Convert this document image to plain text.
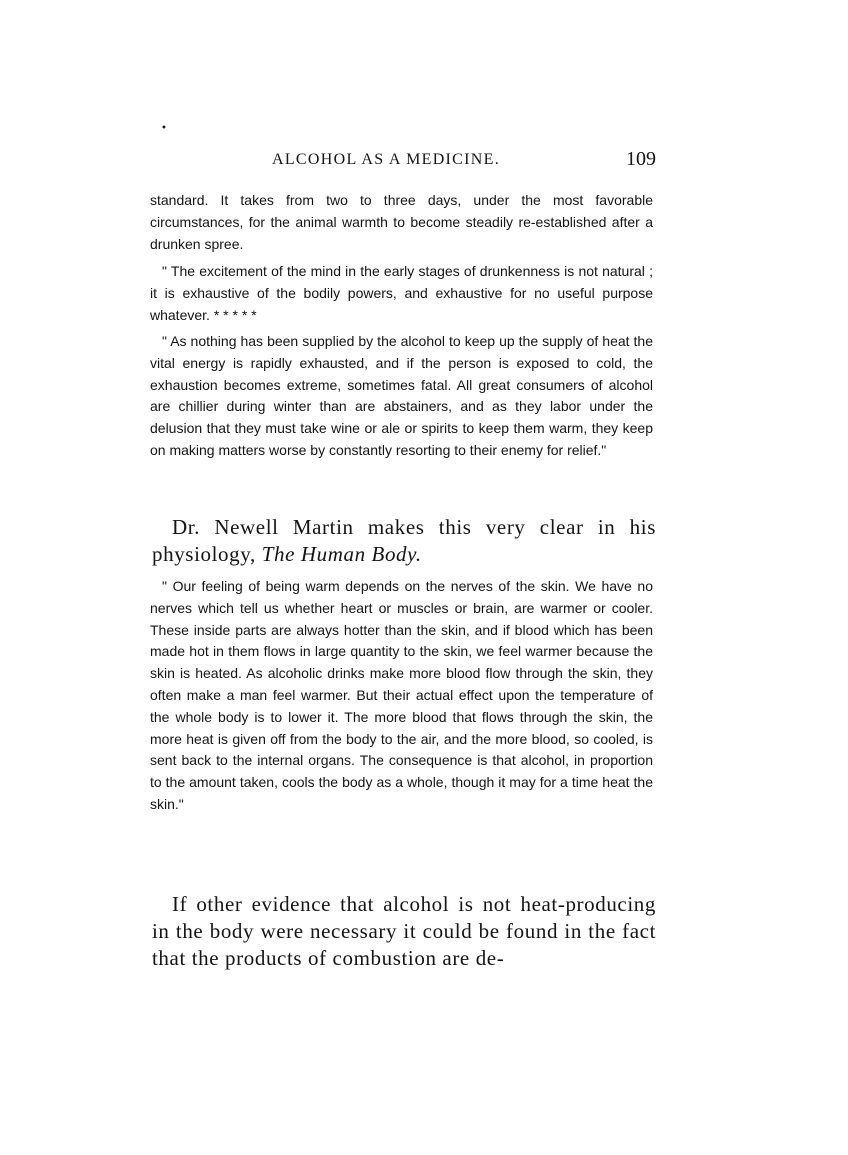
•
ALCOHOL AS A MEDICINE.	109

standard. It takes from two to three days, under the most favorable circumstances, for the animal warmth to become steadily re-established after a drunken spree.

" The excitement of the mind in the early stages of drunkenness is not natural ; it is exhaustive of the bodily powers, and exhaustive for no useful purpose whatever. * * * * *

" As nothing has been supplied by the alcohol to keep up the supply of heat the vital energy is rapidly exhausted, and if the person is exposed to cold, the exhaustion becomes extreme, sometimes fatal. All great consumers of alcohol are chillier during winter than are abstainers, and as they labor under the delusion that they must take wine or ale or spirits to keep them warm, they keep on making matters worse by constantly resorting to their enemy for relief."

Dr. Newell Martin makes this very clear in his physiology, The Human Body.

" Our feeling of being warm depends on the nerves of the skin. We have no nerves which tell us whether heart or muscles or brain, are warmer or cooler. These inside parts are always hotter than the skin, and if blood which has been made hot in them flows in large quantity to the skin, we feel warmer because the skin is heated. As alcoholic drinks make more blood flow through the skin, they often make a man feel warmer. But their actual effect upon the temperature of the whole body is to lower it. The more blood that flows through the skin, the more heat is given off from the body to the air, and the more blood, so cooled, is sent back to the internal organs. The consequence is that alcohol, in proportion to the amount taken, cools the body as a whole, though it may for a time heat the skin."

If other evidence that alcohol is not heat-producing in the body were necessary it could be found in the fact that the products of combustion are de-
